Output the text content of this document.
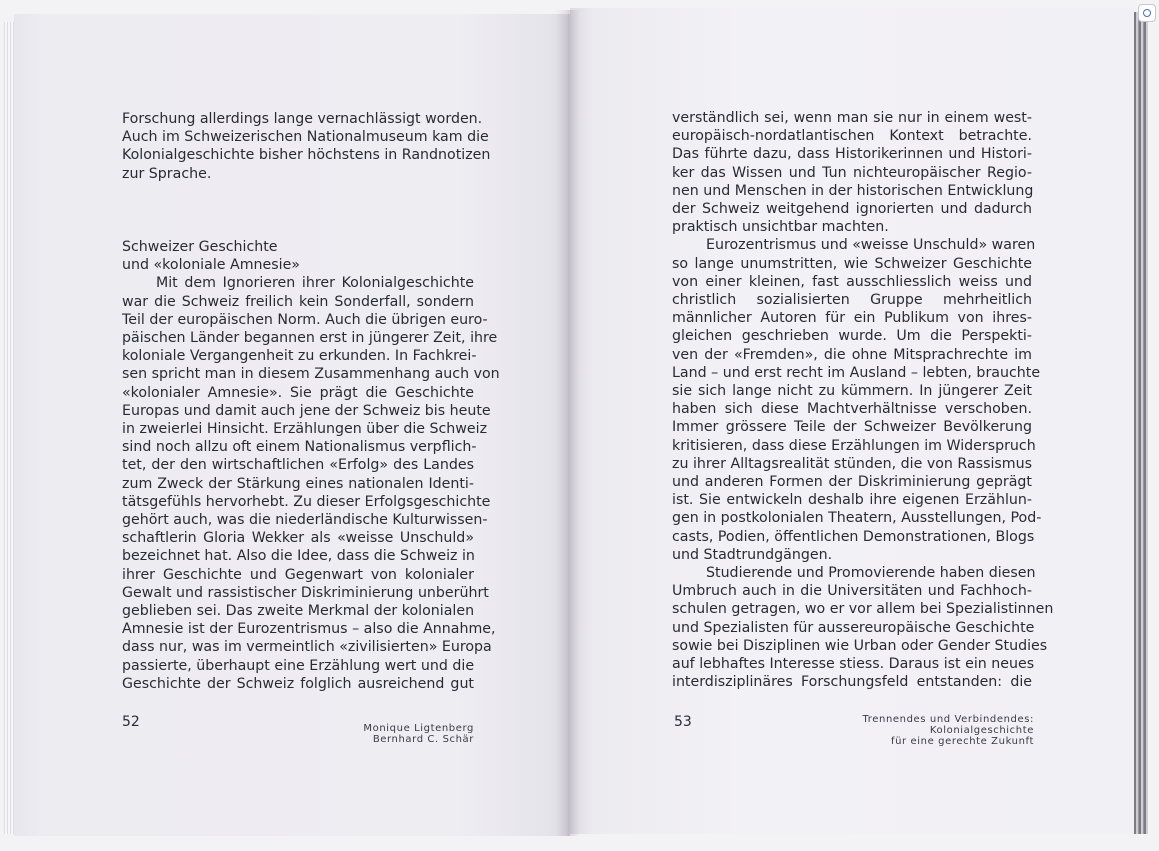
Forschung allerdings lange vernachlässigt worden.
Auch im Schweizerischen Nationalmuseum kam die
Kolonialgeschichte bisher höchstens in Randnotizen
zur Sprache.
Schweizer Geschichte
und «koloniale Amnesie»
Mit dem Ignorieren ihrer Kolonialgeschichte
war die Schweiz freilich kein Sonderfall, sondern
Teil der europäischen Norm. Auch die übrigen euro-
päischen Länder begannen erst in jüngerer Zeit, ihre
koloniale Vergangenheit zu erkunden. In Fachkrei-
sen spricht man in diesem Zusammenhang auch von
«kolonialer Amnesie». Sie prägt die Geschichte
Europas und damit auch jene der Schweiz bis heute
in zweierlei Hinsicht. Erzählungen über die Schweiz
sind noch allzu oft einem Nationalismus verpflich-
tet, der den wirtschaftlichen «Erfolg» des Landes
zum Zweck der Stärkung eines nationalen Identi-
tätsgefühls hervorhebt. Zu dieser Erfolgsgeschichte
gehört auch, was die niederländische Kulturwissen-
schaftlerin Gloria Wekker als «weisse Unschuld»
bezeichnet hat. Also die Idee, dass die Schweiz in
ihrer Geschichte und Gegenwart von kolonialer
Gewalt und rassistischer Diskriminierung unberührt
geblieben sei. Das zweite Merkmal der kolonialen
Amnesie ist der Eurozentrismus – also die Annahme,
dass nur, was im vermeintlich «zivilisierten» Europa
passierte, überhaupt eine Erzählung wert und die
Geschichte der Schweiz folglich ausreichend gut
52	Monique Ligtenberg
Bernhard C. Schär
verständlich sei, wenn man sie nur in einem west-
europäisch-nordatlantischen Kontext betrachte.
Das führte dazu, dass Historikerinnen und Histori-
ker das Wissen und Tun nichteuropäischer Regio-
nen und Menschen in der historischen Entwicklung
der Schweiz weitgehend ignorierten und dadurch
praktisch unsichtbar machten.
Eurozentrismus und «weisse Unschuld» waren
so lange unumstritten, wie Schweizer Geschichte
von einer kleinen, fast ausschliesslich weiss und
christlich sozialisierten Gruppe mehrheitlich
männlicher Autoren für ein Publikum von ihres-
gleichen geschrieben wurde. Um die Perspekti-
ven der «Fremden», die ohne Mitsprachrechte im
Land – und erst recht im Ausland – lebten, brauchte
sie sich lange nicht zu kümmern. In jüngerer Zeit
haben sich diese Machtverhältnisse verschoben.
Immer grössere Teile der Schweizer Bevölkerung
kritisieren, dass diese Erzählungen im Widerspruch
zu ihrer Alltagsrealität stünden, die von Rassismus
und anderen Formen der Diskriminierung geprägt
ist. Sie entwickeln deshalb ihre eigenen Erzählun-
gen in postkolonialen Theatern, Ausstellungen, Pod-
casts, Podien, öffentlichen Demonstrationen, Blogs
und Stadtrundgängen.
Studierende und Promovierende haben diesen
Umbruch auch in die Universitäten und Fachhoch-
schulen getragen, wo er vor allem bei Spezialistinnen
und Spezialisten für aussereuropäische Geschichte
sowie bei Disziplinen wie Urban oder Gender Studies
auf lebhaftes Interesse stiess. Daraus ist ein neues
interdisziplinäres Forschungsfeld entstanden: die
53	Trennendes und Verbindendes:
Kolonialgeschichte
für eine gerechte Zukunft
